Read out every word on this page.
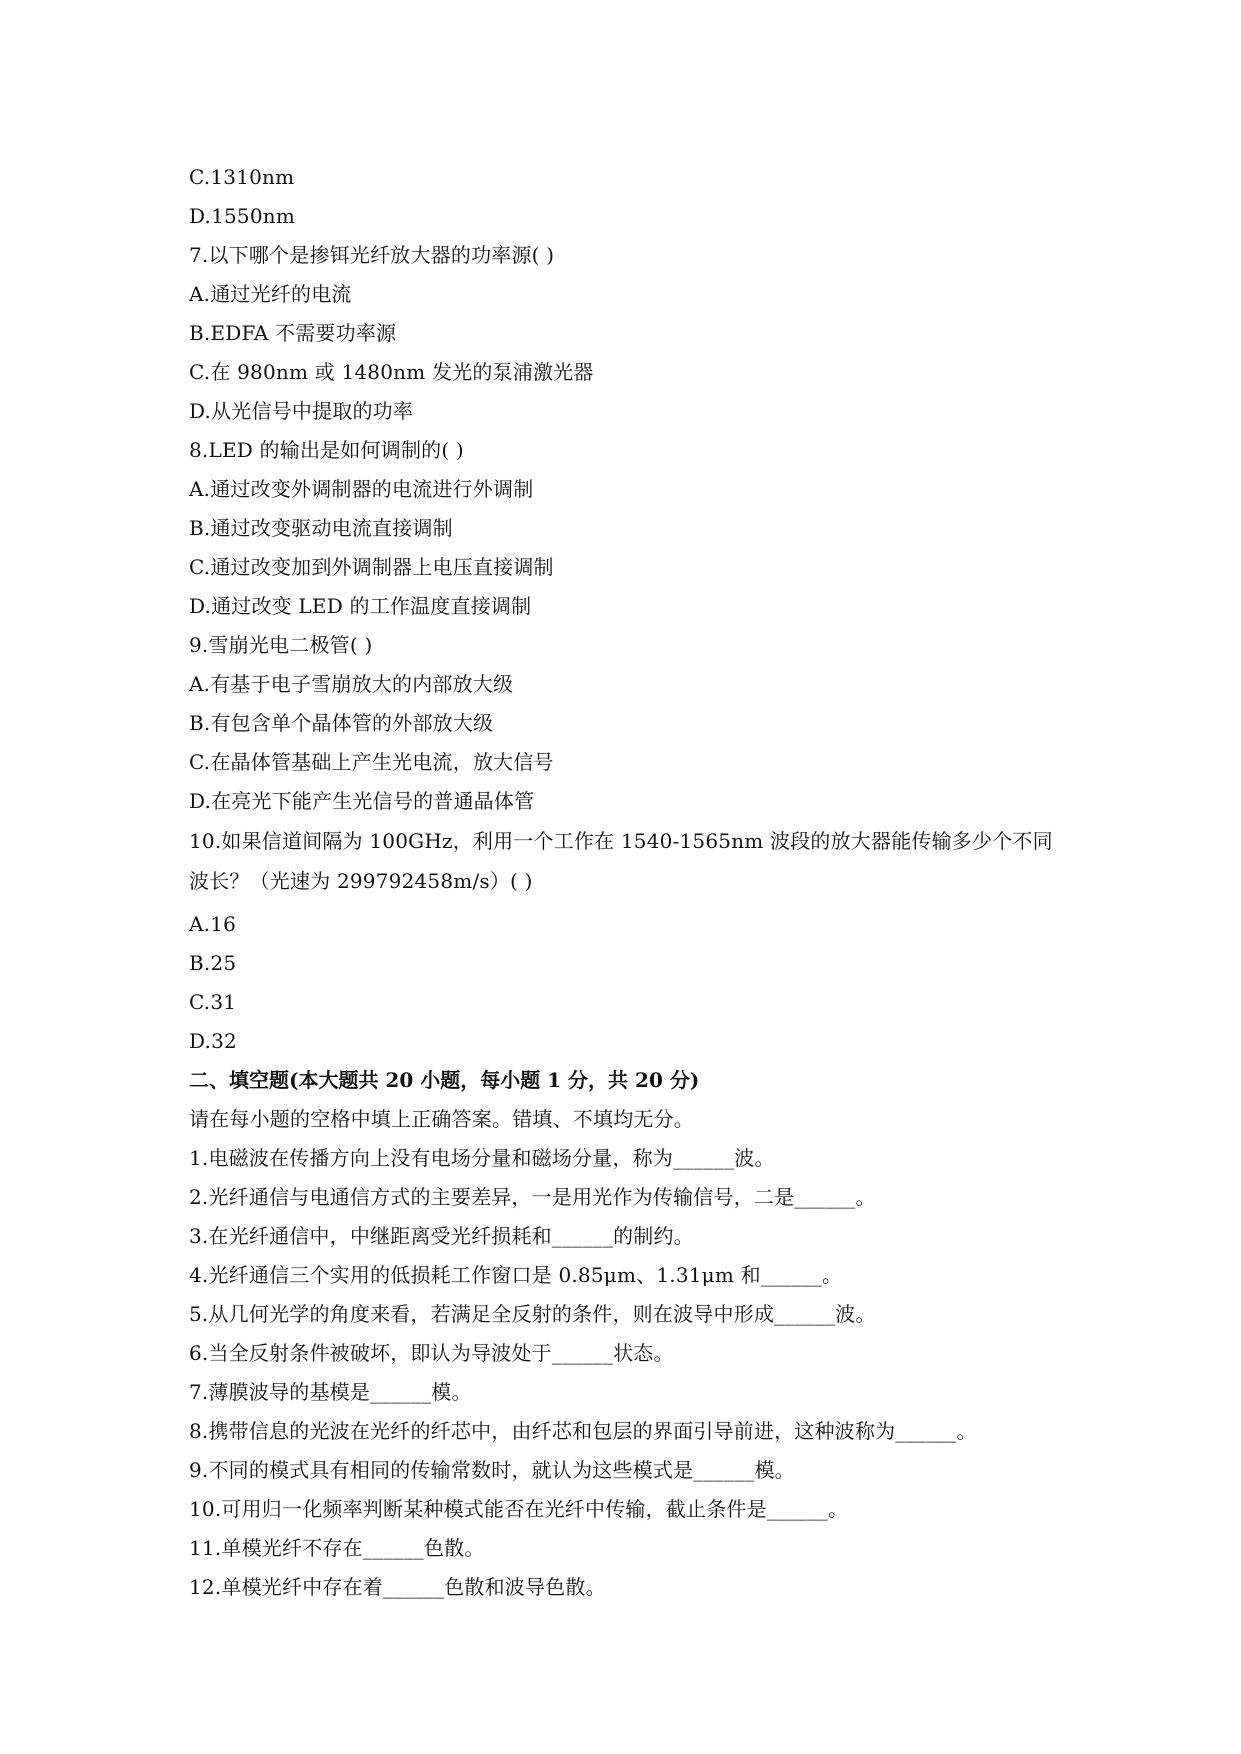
C.1310nm
D.1550nm
7.以下哪个是掺铒光纤放大器的功率源( )
A.通过光纤的电流
B.EDFA 不需要功率源
C.在 980nm 或 1480nm 发光的泵浦激光器
D.从光信号中提取的功率
8.LED 的输出是如何调制的( )
A.通过改变外调制器的电流进行外调制
B.通过改变驱动电流直接调制
C.通过改变加到外调制器上电压直接调制
D.通过改变 LED 的工作温度直接调制
9.雪崩光电二极管( )
A.有基于电子雪崩放大的内部放大级
B.有包含单个晶体管的外部放大级
C.在晶体管基础上产生光电流，放大信号
D.在亮光下能产生光信号的普通晶体管
10.如果信道间隔为 100GHz，利用一个工作在 1540-1565nm 波段的放大器能传输多少个不同波长？（光速为 299792458m/s）( )
A.16
B.25
C.31
D.32
二、填空题(本大题共 20 小题，每小题 1 分，共 20 分)
请在每小题的空格中填上正确答案。错填、不填均无分。
1.电磁波在传播方向上没有电场分量和磁场分量，称为______波。
2.光纤通信与电通信方式的主要差异，一是用光作为传输信号，二是______。
3.在光纤通信中，中继距离受光纤损耗和______的制约。
4.光纤通信三个实用的低损耗工作窗口是 0.85μm、1.31μm 和______。
5.从几何光学的角度来看，若满足全反射的条件，则在波导中形成______波。
6.当全反射条件被破坏，即认为导波处于______状态。
7.薄膜波导的基模是______模。
8.携带信息的光波在光纤的纤芯中，由纤芯和包层的界面引导前进，这种波称为______。
9.不同的模式具有相同的传输常数时，就认为这些模式是______模。
10.可用归一化频率判断某种模式能否在光纤中传输，截止条件是______。
11.单模光纤不存在______色散。
12.单模光纤中存在着______色散和波导色散。
